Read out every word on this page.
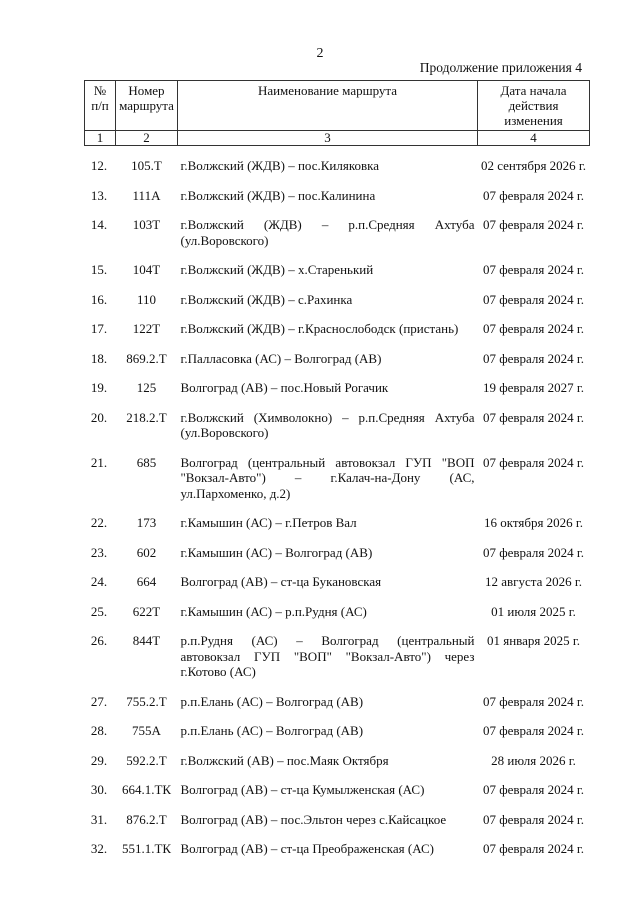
2
Продолжение приложения 4
№ п/п	Номер маршрута	Наименование маршрута	Дата начала действия изменения
1	2	3	4
12.	105.Т	г.Волжский (ЖДВ) – пос.Киляковка	02 сентября 2026 г.
13.	111А	г.Волжский (ЖДВ) – пос.Калинина	07 февраля 2024 г.
14.	103Т	г.Волжский (ЖДВ) – р.п.Средняя Ахтуба (ул.Воровского)	07 февраля 2024 г.
15.	104Т	г.Волжский (ЖДВ) – х.Старенький	07 февраля 2024 г.
16.	110	г.Волжский (ЖДВ) – с.Рахинка	07 февраля 2024 г.
17.	122Т	г.Волжский (ЖДВ) – г.Краснослободск (пристань)	07 февраля 2024 г.
18.	869.2.Т	г.Палласовка (АС) – Волгоград (АВ)	07 февраля 2024 г.
19.	125	Волгоград (АВ) – пос.Новый Рогачик	19 февраля 2027 г.
20.	218.2.Т	г.Волжский (Химволокно) – р.п.Средняя Ахтуба (ул.Воровского)	07 февраля 2024 г.
21.	685	Волгоград (центральный автовокзал ГУП "ВОП "Вокзал-Авто") – г.Калач-на-Дону (АС, ул.Пархоменко, д.2)	07 февраля 2024 г.
22.	173	г.Камышин (АС) – г.Петров Вал	16 октября 2026 г.
23.	602	г.Камышин (АС) – Волгоград (АВ)	07 февраля 2024 г.
24.	664	Волгоград (АВ) – ст-ца Букановская	12 августа 2026 г.
25.	622Т	г.Камышин (АС) – р.п.Рудня (АС)	01 июля 2025 г.
26.	844Т	р.п.Рудня (АС) – Волгоград (центральный автовокзал ГУП "ВОП" "Вокзал-Авто") через г.Котово (АС)	01 января 2025 г.
27.	755.2.Т	р.п.Елань (АС) – Волгоград (АВ)	07 февраля 2024 г.
28.	755А	р.п.Елань (АС) – Волгоград (АВ)	07 февраля 2024 г.
29.	592.2.Т	г.Волжский (АВ) – пос.Маяк Октября	28 июля 2026 г.
30.	664.1.ТК	Волгоград (АВ) – ст-ца Кумылженская (АС)	07 февраля 2024 г.
31.	876.2.Т	Волгоград (АВ) – пос.Эльтон через с.Кайсацкое	07 февраля 2024 г.
32.	551.1.ТК	Волгоград (АВ) – ст-ца Преображенская (АС)	07 февраля 2024 г.
